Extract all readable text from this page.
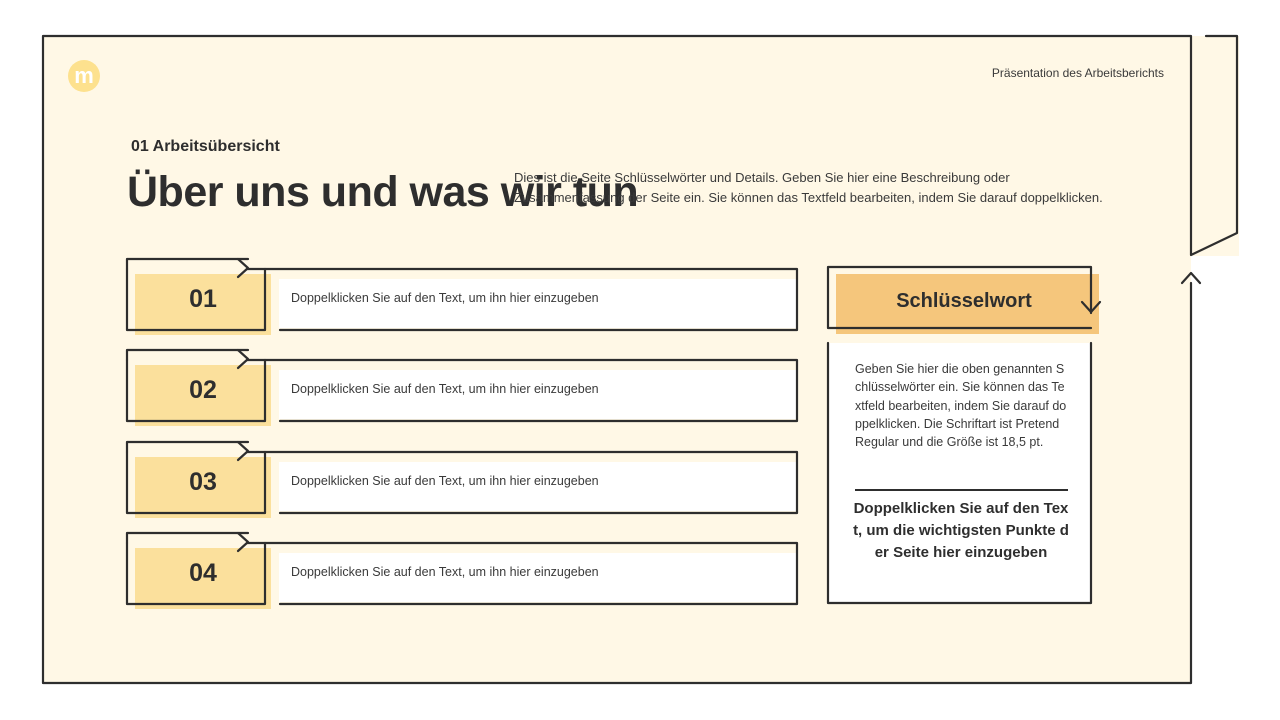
m	Präsentation des Arbeitsberichts
01 Arbeitsübersicht
Über uns und was wir tun
Dies ist die Seite Schlüsselwörter und Details. Geben Sie hier eine Beschreibung oder Zusammenfassung der Seite ein. Sie können das Textfeld bearbeiten, indem Sie darauf doppelklicken.
01	Doppelklicken Sie auf den Text, um ihn hier einzugeben
02	Doppelklicken Sie auf den Text, um ihn hier einzugeben
03	Doppelklicken Sie auf den Text, um ihn hier einzugeben
04	Doppelklicken Sie auf den Text, um ihn hier einzugeben
Schlüsselwort
Geben Sie hier die oben genannten Schlüsselwörter ein. Sie können das Textfeld bearbeiten, indem Sie darauf doppelklicken. Die Schriftart ist Pretend Regular und die Größe ist 18,5 pt.
Doppelklicken Sie auf den Text, um die wichtigsten Punkte der Seite hier einzugeben
